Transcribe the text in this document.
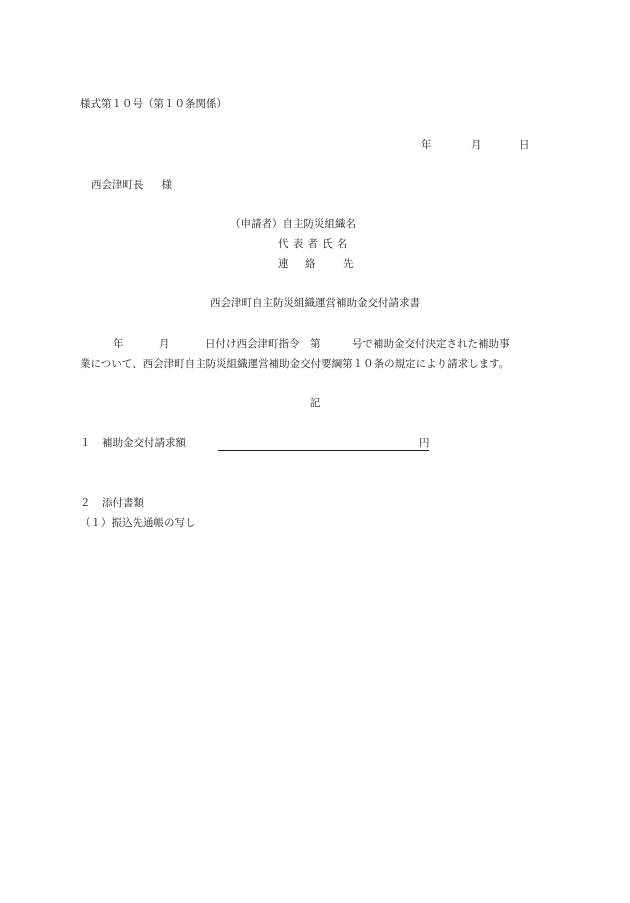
様式第１０号（第１０条関係）
年	月	日
西会津町長 様
（申請者）自主防災組織名
代表者氏名
連 絡	先
西会津町自主防災組織運営補助金交付請求書
年	月	日付け西会津町指令　第　　　号で補助金交付決定された補助事
業について、西会津町自主防災組織運営補助金交付要綱第１０条の規定により請求します。
記
１ 補助金交付請求額	円
２ 添付書類
（１）振込先通帳の写し
